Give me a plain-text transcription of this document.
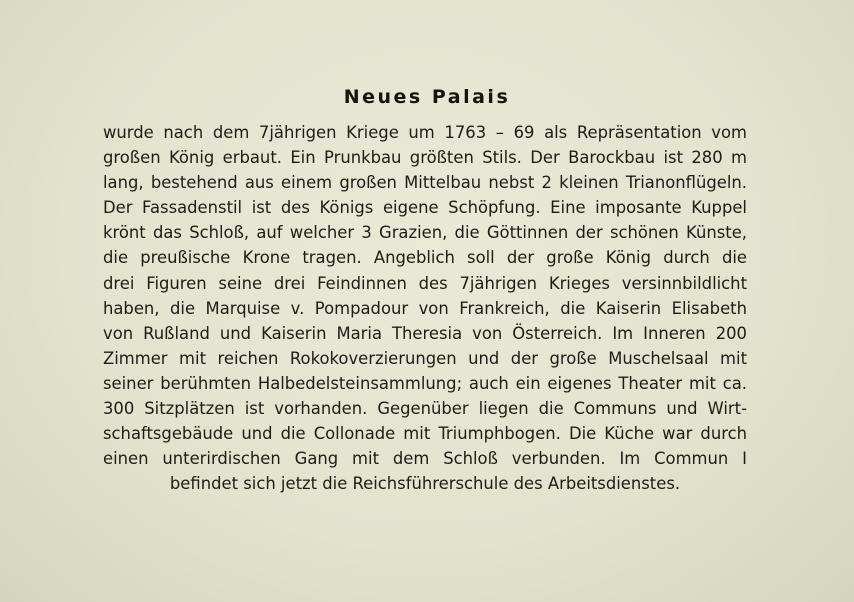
Neues Palais
wurde nach dem 7jährigen Kriege um 1763 – 69 als Repräsentation vom
großen König erbaut. Ein Prunkbau größten Stils. Der Barockbau ist 280 m
lang, bestehend aus einem großen Mittelbau nebst 2 kleinen Trianonflügeln.
Der Fassadenstil ist des Königs eigene Schöpfung. Eine imposante Kuppel
krönt das Schloß, auf welcher 3 Grazien, die Göttinnen der schönen Künste,
die preußische Krone tragen. Angeblich soll der große König durch die
drei Figuren seine drei Feindinnen des 7jährigen Krieges versinnbildlicht
haben, die Marquise v. Pompadour von Frankreich, die Kaiserin Elisabeth
von Rußland und Kaiserin Maria Theresia von Österreich. Im Inneren 200
Zimmer mit reichen Rokokoverzierungen und der große Muschelsaal mit
seiner berühmten Halbedelsteinsammlung; auch ein eigenes Theater mit ca.
300 Sitzplätzen ist vorhanden. Gegenüber liegen die Communs und Wirt-
schaftsgebäude und die Collonade mit Triumphbogen. Die Küche war durch
einen unterirdischen Gang mit dem Schloß verbunden. Im Commun I
befindet sich jetzt die Reichsführerschule des Arbeitsdienstes.
